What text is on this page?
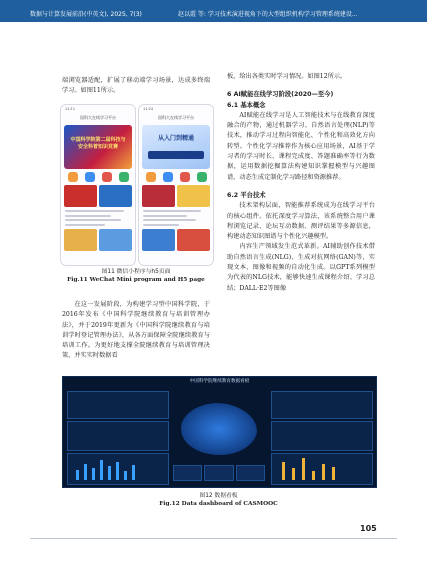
数据与计算发展前沿(中英文), 2025, 7(3)	赵以霞 等: 学习技术演进视角下的大型组织机构学习管理系统建设...

端浏览器适配，扩展了移动端学习场景，达成多终端学习。如图11所示。

11:11
国科大在线学习平台
中国科学院第二届科技与安全科普知识竞赛
11:24
国科大在线学习平台
从入门到精通
图11 微信小程序与h5页面
Fig.11 WeChat Mini program and H5 page

在这一发展阶段，为构建学习型中国科学院，于2016年发布《中国科学院继续教育与培训管理办法》，并于2019年更新为《中国科学院继续教育与培训学时登记管理办法》，从各方面保障全院继续教育与培训工作。为更好地支撑全院继续教育与培训管理决策，并实实时数据看

板，给出各类实时学习情况。如图12所示。

6 AI赋能在线学习阶段(2020—至今)

6.1 基本概念

AI赋能在线学习是人工智能技术与在线教育深度融合的产物，通过机器学习、自然语言处理(NLP)等技术，推动学习过程向智能化、个性化和高效化方向转型。个性化学习推荐作为核心应用场景，AI基于学习者的学习时长、课程完成度、答题准确率等行为数据，运用数据挖掘算法构建知识掌握模型与兴趣图谱，动态生成定制化学习路径和资源推荐。

6.2 平台技术

技术架构层面，智能推荐系统成为在线学习平台的核心组件。依托深度学习算法，该系统整合用户课程浏览记录、论坛互动数据、测评结果等多源信息，构建动态知识图谱与个性化兴趣模型。

内容生产领域发生范式革新。AI辅助创作技术借助自然语言生成(NLG)、生成对抗网络(GAN)等，实现文本、图像和视频的自动化生成。以GPT系列模型为代表的NLG技术，能够快速生成课程介绍、学习总结；DALL·E2等图像

中国科学院继续教育数据看板
图12 数据看板
Fig.12 Data dashboard of CASMOOC
105
